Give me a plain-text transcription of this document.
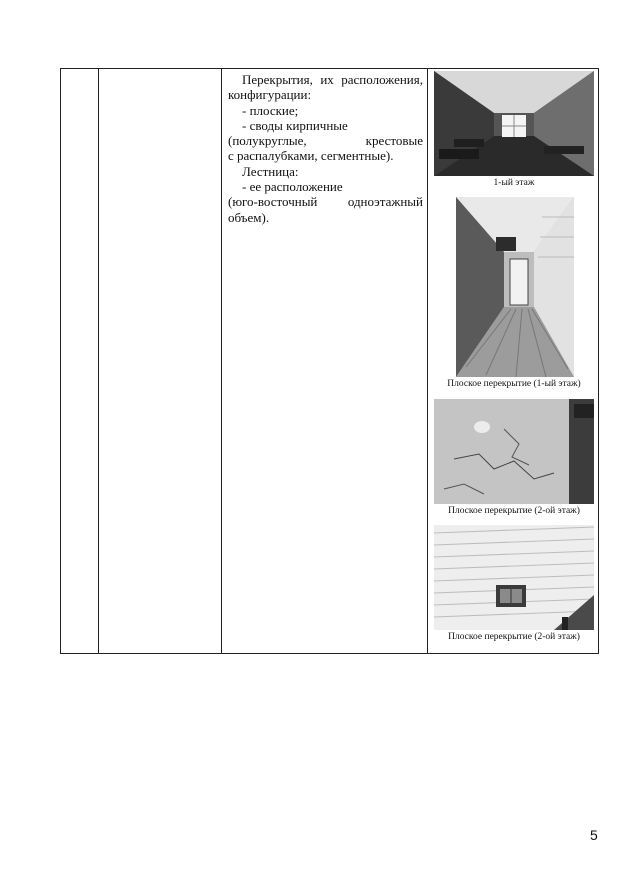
Перекрытия, их расположения,

конфигурации:

- плоские;

- своды кирпичные

(полукруглые, крестовые

с распалубками, сегментные).

Лестница:

- ее расположение

(юго-восточный одноэтажный

объем).

1-ый этаж
Плоское перекрытие (1-ый этаж)
Плоское перекрытие (2-ой этаж)
Плоское перекрытие (2-ой этаж)
5
